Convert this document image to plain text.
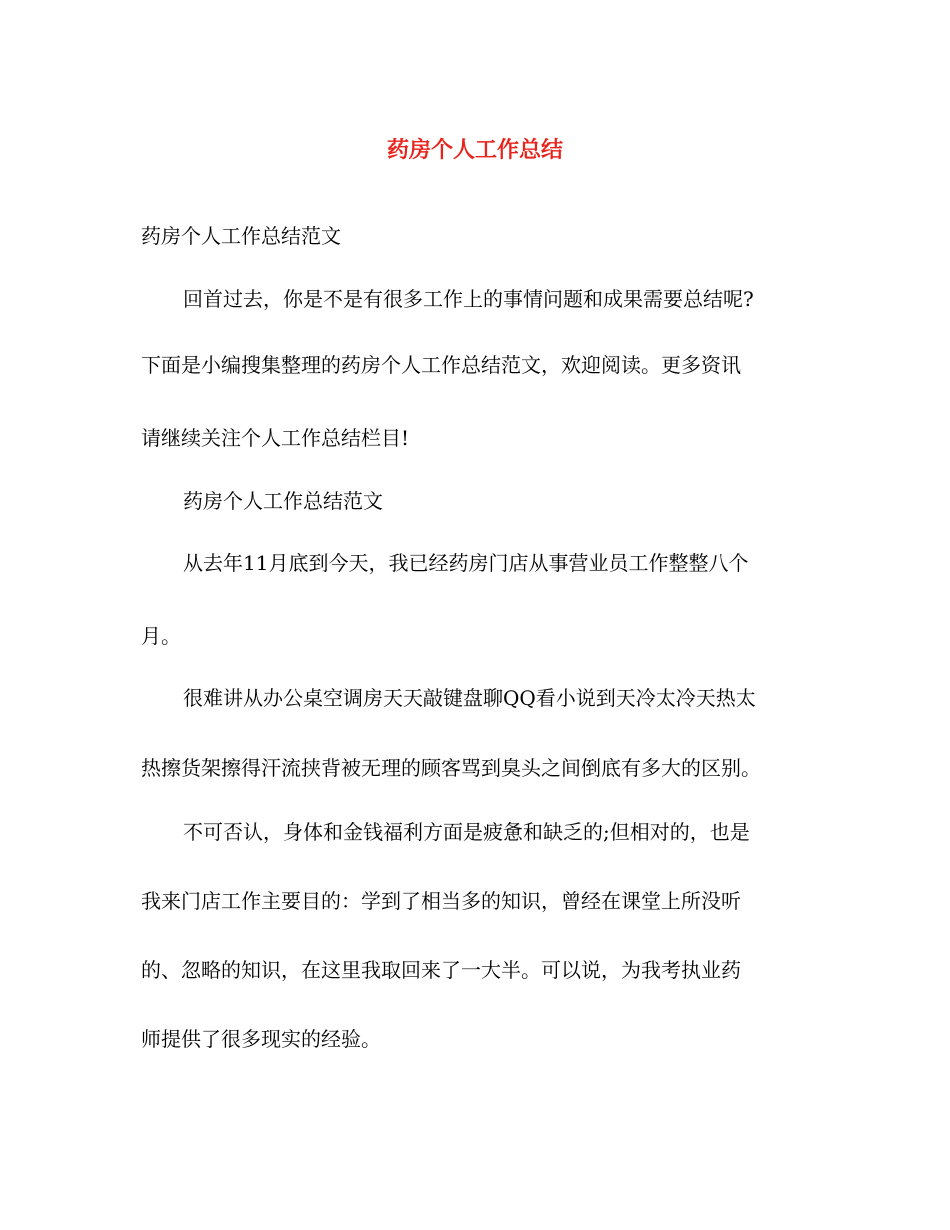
药房个人工作总结

药房个人工作总结范文

回首过去，你是不是有很多工作上的事情问题和成果需要总结呢?

下面是小编搜集整理的药房个人工作总结范文，欢迎阅读。更多资讯

请继续关注个人工作总结栏目!

药房个人工作总结范文

从去年11月底到今天，我已经药房门店从事营业员工作整整八个

月。

很难讲从办公桌空调房天天敲键盘聊QQ看小说到天冷太冷天热太

热擦货架擦得汗流挟背被无理的顾客骂到臭头之间倒底有多大的区别。

不可否认，身体和金钱福利方面是疲惫和缺乏的;但相对的，也是

我来门店工作主要目的：学到了相当多的知识，曾经在课堂上所没听

的、忽略的知识，在这里我取回来了一大半。可以说，为我考执业药

师提供了很多现实的经验。
